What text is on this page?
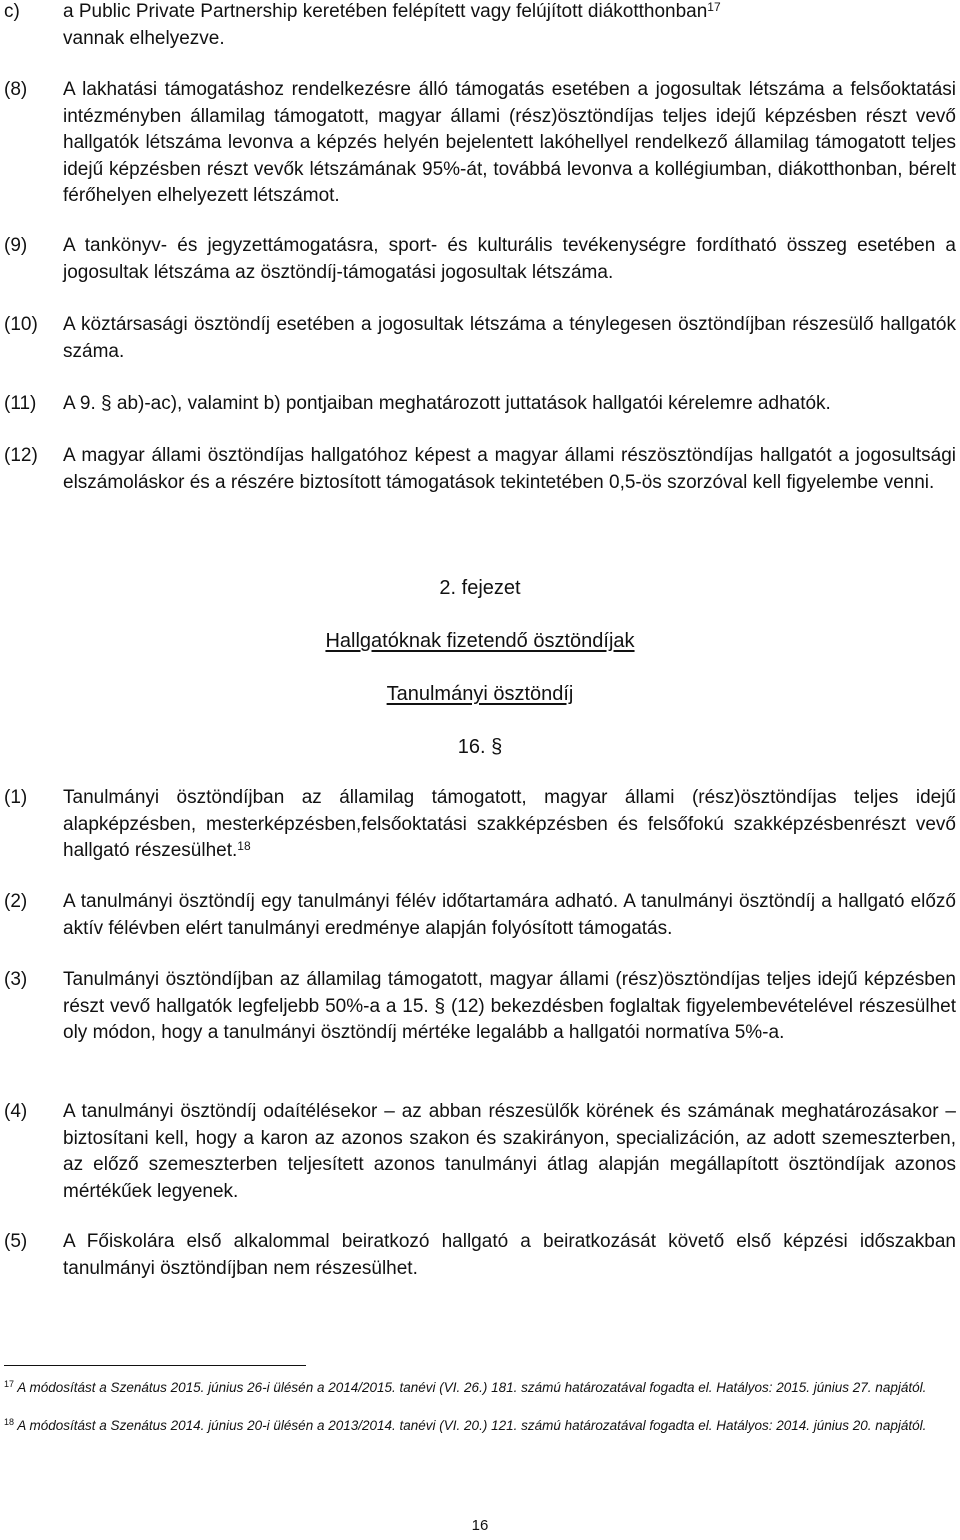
c) a Public Private Partnership keretében felépített vagy felújított diákotthonban$^{17}$
vannak elhelyezve.
(8) A lakhatási támogatáshoz rendelkezésre álló támogatás esetében a jogosultak létszáma a felsőoktatási intézményben államilag támogatott, magyar állami (rész)ösztöndíjas teljes idejű képzésben részt vevő hallgatók létszáma levonva a képzés helyén bejelentett lakóhellyel rendelkező államilag támogatott teljes idejű képzésben részt vevők létszámának 95%-át, továbbá levonva a kollégiumban, diákotthonban, bérelt férőhelyen elhelyezett létszámot.
(9) A tankönyv- és jegyzettámogatásra, sport- és kulturális tevékenységre fordítható összeg esetében a jogosultak létszáma az ösztöndíj-támogatási jogosultak létszáma.
(10) A köztársasági ösztöndíj esetében a jogosultak létszáma a ténylegesen ösztöndíjban részesülő hallgatók száma.
(11) A 9. § ab)-ac), valamint b) pontjaiban meghatározott juttatások hallgatói kérelemre adhatók.
(12) A magyar állami ösztöndíjas hallgatóhoz képest a magyar állami részösztöndíjas hallgatót a jogosultsági elszámoláskor és a részére biztosított támogatások tekintetében 0,5-ös szorzóval kell figyelembe venni.
2. fejezet
Hallgatóknak fizetendő ösztöndíjak
Tanulmányi ösztöndíj
16. §
(1) Tanulmányi ösztöndíjban az államilag támogatott, magyar állami (rész)ösztöndíjas teljes idejű alapképzésben, mesterképzésben,felsőoktatási szakképzésben és felsőfokú szakképzésbenrészt vevő hallgató részesülhet.$^{18}$
(2) A tanulmányi ösztöndíj egy tanulmányi félév időtartamára adható. A tanulmányi ösztöndíj a hallgató előző aktív félévben elért tanulmányi eredménye alapján folyósított támogatás.
(3) Tanulmányi ösztöndíjban az államilag támogatott, magyar állami (rész)ösztöndíjas teljes idejű képzésben részt vevő hallgatók legfeljebb 50%-a a 15. § (12) bekezdésben foglaltak figyelembevételével részesülhet oly módon, hogy a tanulmányi ösztöndíj mértéke legalább a hallgatói normatíva 5%-a.
(4) A tanulmányi ösztöndíj odaítélésekor – az abban részesülők körének és számának meghatározásakor – biztosítani kell, hogy a karon az azonos szakon és szakirányon, specializáción, az adott szemeszterben, az előző szemeszterben teljesített azonos tanulmányi átlag alapján megállapított ösztöndíjak azonos mértékűek legyenek.
(5) A Főiskolára első alkalommal beiratkozó hallgató a beiratkozását követő első képzési időszakban tanulmányi ösztöndíjban nem részesülhet.
$^{17}$ A módosítást a Szenátus 2015. június 26-i ülésén a 2014/2015. tanévi (VI. 26.) 181. számú határozatával fogadta el. Hatályos: 2015. június 27. napjától.
$^{18}$ A módosítást a Szenátus 2014. június 20-i ülésén a 2013/2014. tanévi (VI. 20.) 121. számú határozatával fogadta el. Hatályos: 2014. június 20. napjától.
16
